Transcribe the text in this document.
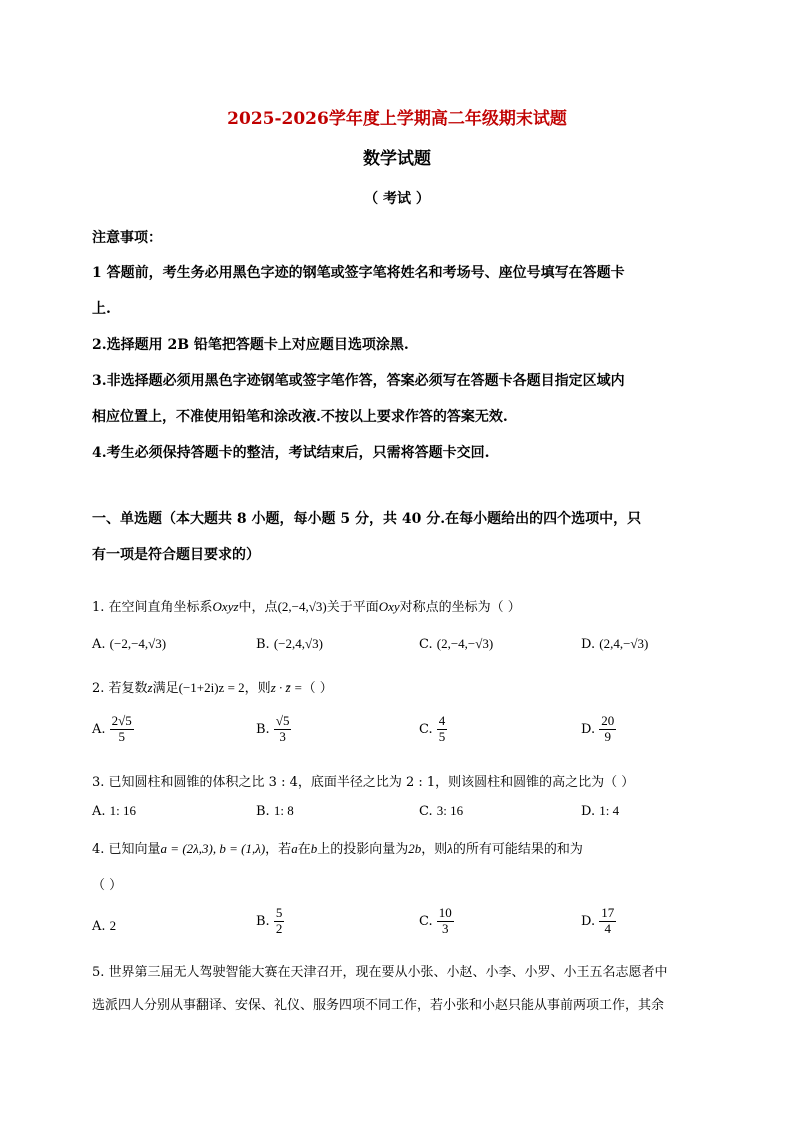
2025-2026学年度上学期高二年级期末试题
数学试题
（ 考试 ）
注意事项：
1 答题前，考生务必用黑色字迹的钢笔或签字笔将姓名和考场号、座位号填写在答题卡
上.
2.选择题用 2B 铅笔把答题卡上对应题目选项涂黑.
3.非选择题必须用黑色字迹钢笔或签字笔作答，答案必须写在答题卡各题目指定区域内
相应位置上，不准使用铅笔和涂改液.不按以上要求作答的答案无效.
4.考生必须保持答题卡的整洁，考试结束后，只需将答题卡交回.
一、单选题（本大题共 8 小题，每小题 5 分，共 40 分.在每小题给出的四个选项中，只
有一项是符合题目要求的）
1. 在空间直角坐标系Oxyz中，点(2,−4,√3)关于平面Oxy对称点的坐标为（ ）
A. (−2,−4,√3)	B. (−2,4,√3)	C. (2,−4,−√3)	D. (2,4,−√3)
2. 若复数z满足(−1+2i)z = 2，则z · z̄ =（ ）
A. $\frac{2√5}{5}$	B. $\frac{√5}{3}$	C. $\frac{4}{5}$	D. $\frac{20}{9}$
3. 已知圆柱和圆锥的体积之比 3 : 4，底面半径之比为 2 : 1，则该圆柱和圆锥的高之比为（ ）
A. 1: 16	B. 1: 8	C. 3: 16	D. 1: 4
4. 已知向量a = (2λ,3), b = (1,λ)，若a在b上的投影向量为2b，则λ的所有可能结果的和为
（ ）
A. 2	B. $\frac{5}{2}$	C. $\frac{10}{3}$	D. $\frac{17}{4}$
5. 世界第三届无人驾驶智能大赛在天津召开，现在要从小张、小赵、小李、小罗、小王五名志愿者中
选派四人分别从事翻译、安保、礼仪、服务四项不同工作，若小张和小赵只能从事前两项工作，其余
